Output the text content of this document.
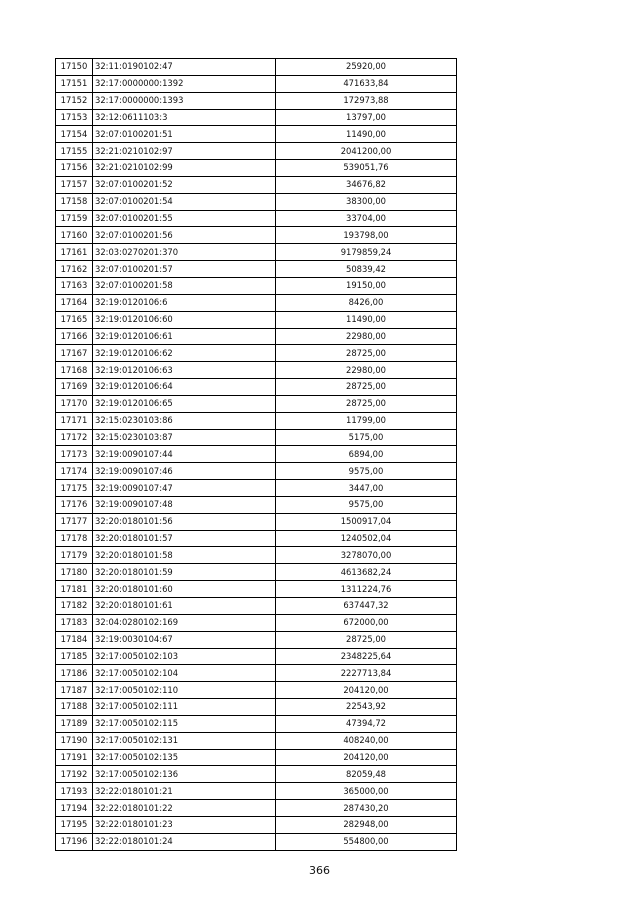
17150	32:11:0190102:47	25920,00
17151	32:17:0000000:1392	471633,84
17152	32:17:0000000:1393	172973,88
17153	32:12:0611103:3	13797,00
17154	32:07:0100201:51	11490,00
17155	32:21:0210102:97	2041200,00
17156	32:21:0210102:99	539051,76
17157	32:07:0100201:52	34676,82
17158	32:07:0100201:54	38300,00
17159	32:07:0100201:55	33704,00
17160	32:07:0100201:56	193798,00
17161	32:03:0270201:370	9179859,24
17162	32:07:0100201:57	50839,42
17163	32:07:0100201:58	19150,00
17164	32:19:0120106:6	8426,00
17165	32:19:0120106:60	11490,00
17166	32:19:0120106:61	22980,00
17167	32:19:0120106:62	28725,00
17168	32:19:0120106:63	22980,00
17169	32:19:0120106:64	28725,00
17170	32:19:0120106:65	28725,00
17171	32:15:0230103:86	11799,00
17172	32:15:0230103:87	5175,00
17173	32:19:0090107:44	6894,00
17174	32:19:0090107:46	9575,00
17175	32:19:0090107:47	3447,00
17176	32:19:0090107:48	9575,00
17177	32:20:0180101:56	1500917,04
17178	32:20:0180101:57	1240502,04
17179	32:20:0180101:58	3278070,00
17180	32:20:0180101:59	4613682,24
17181	32:20:0180101:60	1311224,76
17182	32:20:0180101:61	637447,32
17183	32:04:0280102:169	672000,00
17184	32:19:0030104:67	28725,00
17185	32:17:0050102:103	2348225,64
17186	32:17:0050102:104	2227713,84
17187	32:17:0050102:110	204120,00
17188	32:17:0050102:111	22543,92
17189	32:17:0050102:115	47394,72
17190	32:17:0050102:131	408240,00
17191	32:17:0050102:135	204120,00
17192	32:17:0050102:136	82059,48
17193	32:22:0180101:21	365000,00
17194	32:22:0180101:22	287430,20
17195	32:22:0180101:23	282948,00
17196	32:22:0180101:24	554800,00
366
